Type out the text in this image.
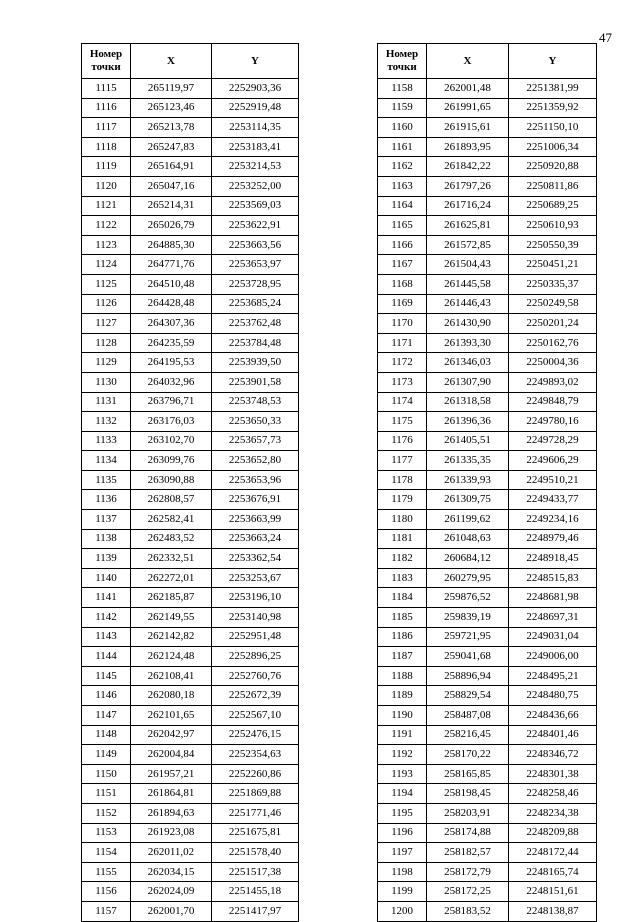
47
Номер точки	X	Y
1115	265119,97	2252903,36
1116	265123,46	2252919,48
1117	265213,78	2253114,35
1118	265247,83	2253183,41
1119	265164,91	2253214,53
1120	265047,16	2253252,00
1121	265214,31	2253569,03
1122	265026,79	2253622,91
1123	264885,30	2253663,56
1124	264771,76	2253653,97
1125	264510,48	2253728,95
1126	264428,48	2253685,24
1127	264307,36	2253762,48
1128	264235,59	2253784,48
1129	264195,53	2253939,50
1130	264032,96	2253901,58
1131	263796,71	2253748,53
1132	263176,03	2253650,33
1133	263102,70	2253657,73
1134	263099,76	2253652,80
1135	263090,88	2253653,96
1136	262808,57	2253676,91
1137	262582,41	2253663,99
1138	262483,52	2253663,24
1139	262332,51	2253362,54
1140	262272,01	2253253,67
1141	262185,87	2253196,10
1142	262149,55	2253140,98
1143	262142,82	2252951,48
1144	262124,48	2252896,25
1145	262108,41	2252760,76
1146	262080,18	2252672,39
1147	262101,65	2252567,10
1148	262042,97	2252476,15
1149	262004,84	2252354,63
1150	261957,21	2252260,86
1151	261864,81	2251869,88
1152	261894,63	2251771,46
1153	261923,08	2251675,81
1154	262011,02	2251578,40
1155	262034,15	2251517,38
1156	262024,09	2251455,18
1157	262001,70	2251417,97
Номер точки	X	Y
1158	262001,48	2251381,99
1159	261991,65	2251359,92
1160	261915,61	2251150,10
1161	261893,95	2251006,34
1162	261842,22	2250920,88
1163	261797,26	2250811,86
1164	261716,24	2250689,25
1165	261625,81	2250610,93
1166	261572,85	2250550,39
1167	261504,43	2250451,21
1168	261445,58	2250335,37
1169	261446,43	2250249,58
1170	261430,90	2250201,24
1171	261393,30	2250162,76
1172	261346,03	2250004,36
1173	261307,90	2249893,02
1174	261318,58	2249848,79
1175	261396,36	2249780,16
1176	261405,51	2249728,29
1177	261335,35	2249606,29
1178	261339,93	2249510,21
1179	261309,75	2249433,77
1180	261199,62	2249234,16
1181	261048,63	2248979,46
1182	260684,12	2248918,45
1183	260279,95	2248515,83
1184	259876,52	2248681,98
1185	259839,19	2248697,31
1186	259721,95	2249031,04
1187	259041,68	2249006,00
1188	258896,94	2248495,21
1189	258829,54	2248480,75
1190	258487,08	2248436,66
1191	258216,45	2248401,46
1192	258170,22	2248346,72
1193	258165,85	2248301,38
1194	258198,45	2248258,46
1195	258203,91	2248234,38
1196	258174,88	2248209,88
1197	258182,57	2248172,44
1198	258172,79	2248165,74
1199	258172,25	2248151,61
1200	258183,52	2248138,87
